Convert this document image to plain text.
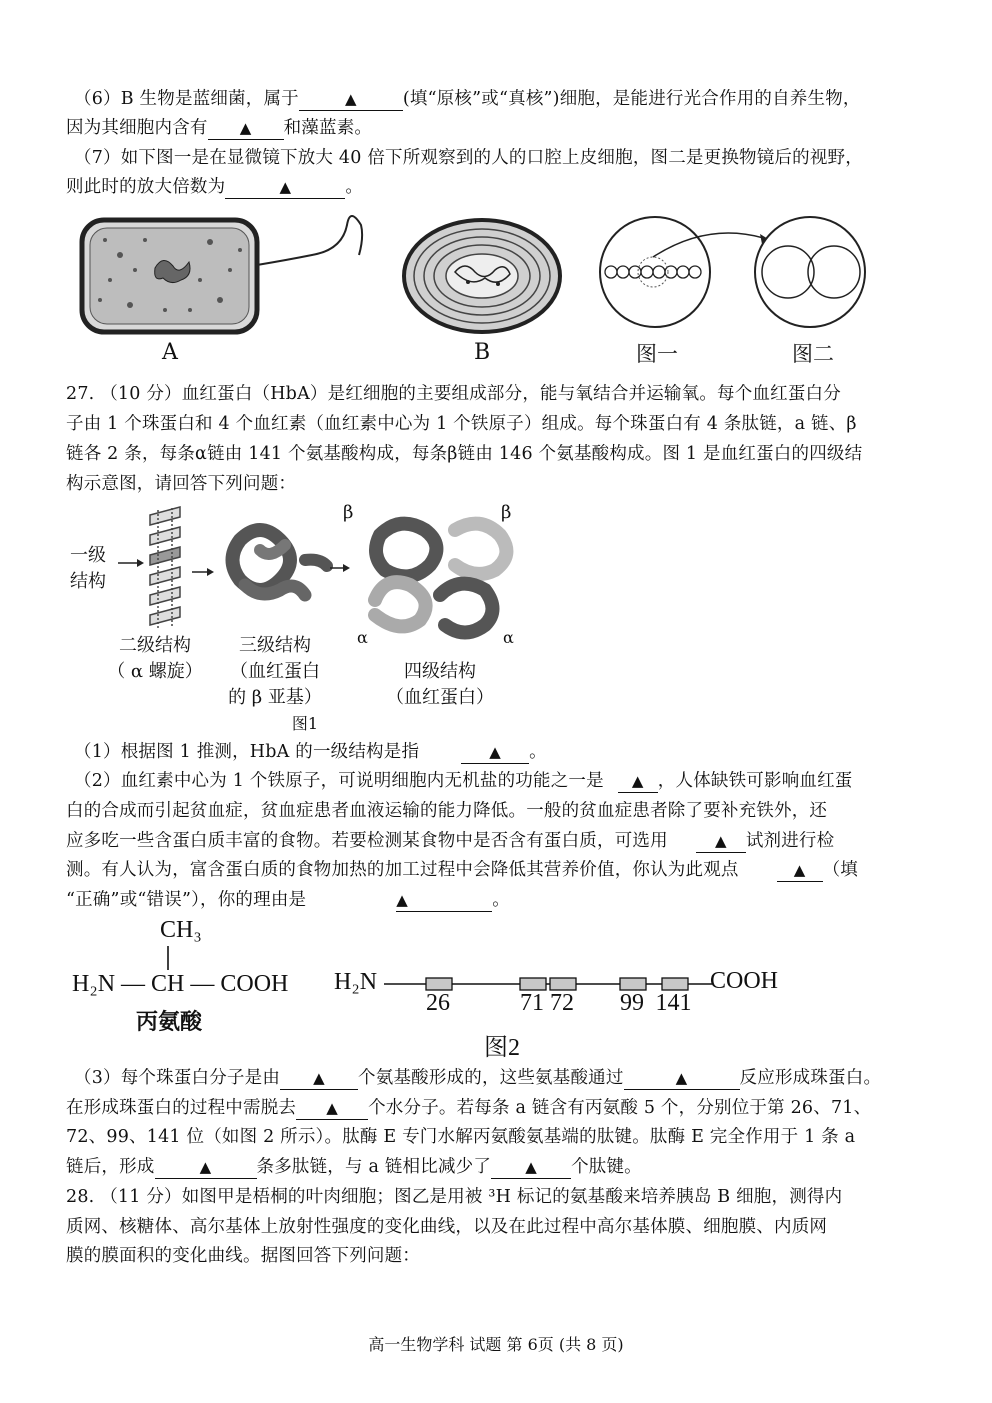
（6）B 生物是蓝细菌，属于	▲	(填“原核”或“真核”)细胞，是能进行光合作用的自养生物，
因为其细胞内含有 ▲ 和藻蓝素。
（7）如下图一是在显微镜下放大 40 倍下所观察到的人的口腔上皮细胞，图二是更换物镜后的视野，
则此时的放大倍数为	▲	。
A	B	图一	图二
27. （10 分）血红蛋白（HbA）是红细胞的主要组成部分，能与氧结合并运输氧。每个血红蛋白分
子由 1 个珠蛋白和 4 个血红素（血红素中心为 1 个铁原子）组成。每个珠蛋白有 4 条肽链，a 链、β
链各 2 条，每条α链由 141 个氨基酸构成，每条β链由 146 个氨基酸构成。图 1 是血红蛋白的四级结
构示意图，请回答下列问题：
一级
结构
β	β
α	α
二级结构
（ α 螺旋）
三级结构
（血红蛋白
的 β 亚基）
四级结构
（血红蛋白）
图1
（1）根据图 1 推测，HbA 的一级结构是指	▲ 。
（2）血红素中心为 1 个铁原子，可说明细胞内无机盐的功能之一是 ▲ ，人体缺铁可影响血红蛋
白的合成而引起贫血症，贫血症患者血液运输的能力降低。一般的贫血症患者除了要补充铁外，还
应多吃一些含蛋白质丰富的食物。若要检测某食物中是否含有蛋白质，可选用	▲ 试剂进行检
测。有人认为，富含蛋白质的食物加热的加工过程中会降低其营养价值，你认为此观点	▲ （填
“正确”或“错误”），你的理由是	▲	。
CH₃
H₂N — CH — COOH
丙氨酸
H₂N	COOH
26	71 72 99 141
图2
（3）每个珠蛋白分子是由 ▲ 个氨基酸形成的，这些氨基酸通过	▲	反应形成珠蛋白。
在形成珠蛋白的过程中需脱去 ▲ 个水分子。若每条 a 链含有丙氨酸 5 个，分别位于第 26、71、
72、99、141 位（如图 2 所示）。肽酶 E 专门水解丙氨酸氨基端的肽键。肽酶 E 完全作用于 1 条 a
链后，形成	▲	条多肽链，与 a 链相比减少了 ▲ 个肽键。
28. （11 分）如图甲是梧桐的叶肉细胞；图乙是用被 ³H 标记的氨基酸来培养胰岛 B 细胞，测得内
质网、核糖体、高尔基体上放射性强度的变化曲线，以及在此过程中高尔基体膜、细胞膜、内质网
膜的膜面积的变化曲线。据图回答下列问题：
高一生物学科 试题 第 6页 (共 8 页)
